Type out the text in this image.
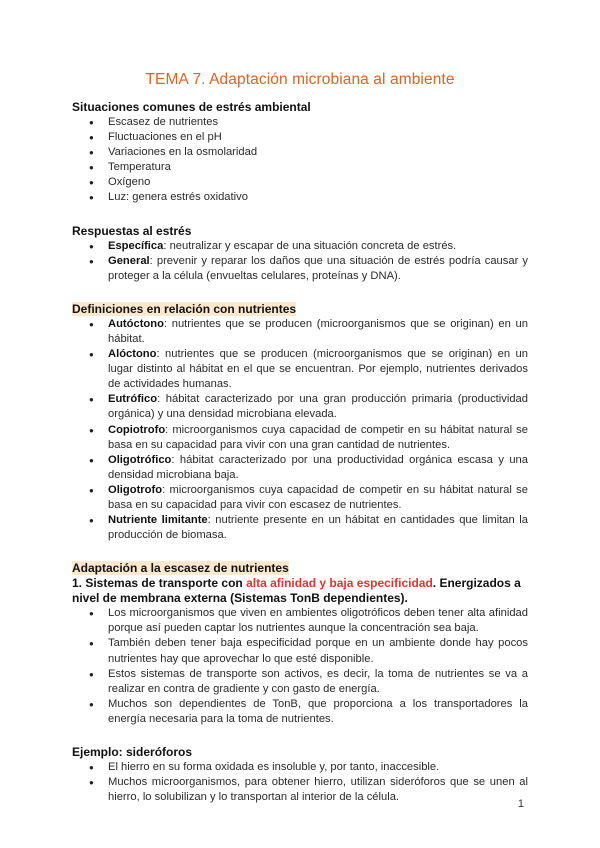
TEMA 7. Adaptación microbiana al ambiente
Situaciones comunes de estrés ambiental
● Escasez de nutrientes
● Fluctuaciones en el pH
● Variaciones en la osmolaridad
● Temperatura
● Oxígeno
● Luz: genera estrés oxidativo
Respuestas al estrés
● Específica: neutralizar y escapar de una situación concreta de estrés.
● General: prevenir y reparar los daños que una situación de estrés podría causar y proteger a la célula (envueltas celulares, proteínas y DNA).
Definiciones en relación con nutrientes
● Autóctono: nutrientes que se producen (microorganismos que se originan) en un hábitat.
● Alóctono: nutrientes que se producen (microorganismos que se originan) en un lugar distinto al hábitat en el que se encuentran. Por ejemplo, nutrientes derivados de actividades humanas.
● Eutrófico: hábitat caracterizado por una gran producción primaria (productividad orgánica) y una densidad microbiana elevada.
● Copiotrofo: microorganismos cuya capacidad de competir en su hábitat natural se basa en su capacidad para vivir con una gran cantidad de nutrientes.
● Oligotrófico: hábitat caracterizado por una productividad orgánica escasa y una densidad microbiana baja.
● Oligotrofo: microorganismos cuya capacidad de competir en su hábitat natural se basa en su capacidad para vivir con escasez de nutrientes.
● Nutriente limitante: nutriente presente en un hábitat en cantidades que limitan la producción de biomasa.
Adaptación a la escasez de nutrientes
1. Sistemas de transporte con alta afinidad y baja especificidad. Energizados a nivel de membrana externa (Sistemas TonB dependientes).
● Los microorganismos que viven en ambientes oligotróficos deben tener alta afinidad porque así pueden captar los nutrientes aunque la concentración sea baja.
● También deben tener baja especificidad porque en un ambiente donde hay pocos nutrientes hay que aprovechar lo que esté disponible.
● Estos sistemas de transporte son activos, es decir, la toma de nutrientes se va a realizar en contra de gradiente y con gasto de energía.
● Muchos son dependientes de TonB, que proporciona a los transportadores la energía necesaria para la toma de nutrientes.
Ejemplo: sideróforos
● El hierro en su forma oxidada es insoluble y, por tanto, inaccesible.
● Muchos microorganismos, para obtener hierro, utilizan sideróforos que se unen al hierro, lo solubilizan y lo transportan al interior de la célula.
1
